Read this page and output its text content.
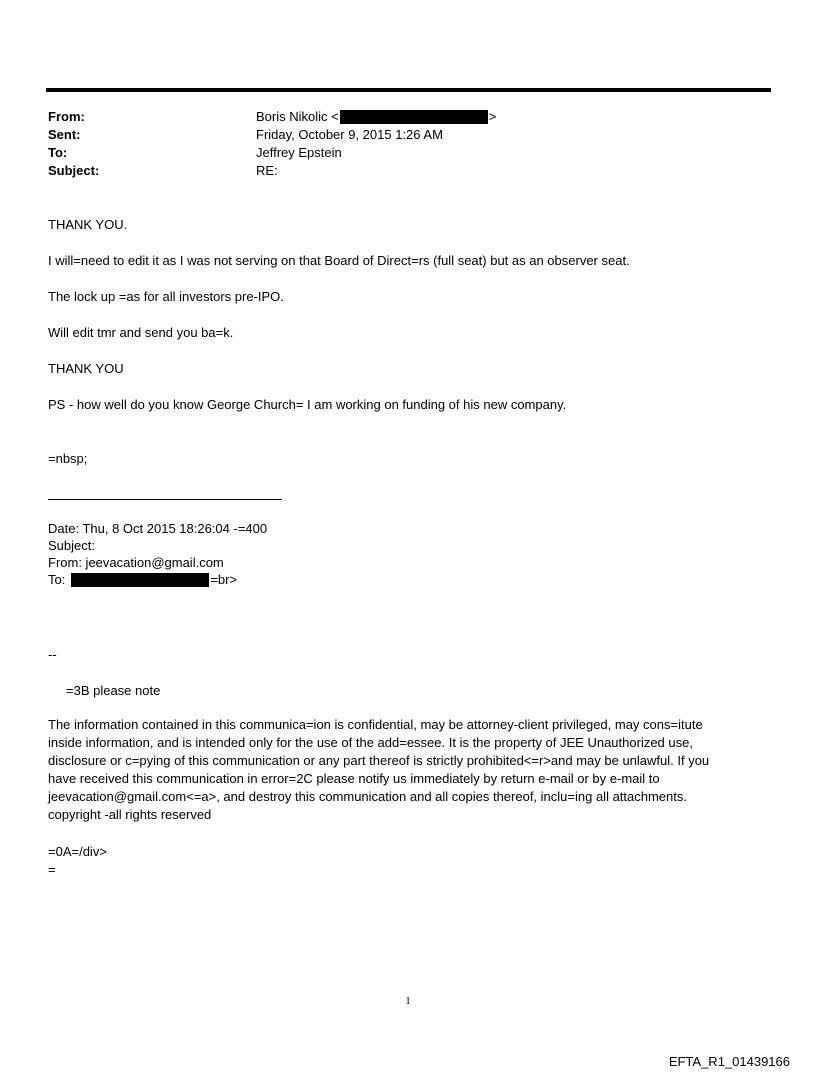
From:	Boris Nikolic <	>
Sent:	Friday, October 9, 2015 1:26 AM
To:	Jeffrey Epstein
Subject:	RE:
THANK YOU.
I will=need to edit it as I was not serving on that Board of Direct=rs (full seat) but as an observer seat.
The lock up =as for all investors pre-IPO.
Will edit tmr and send you ba=k.
THANK YOU
PS - how well do you know George Church= I am working on funding of his new company.
=nbsp;
Date: Thu, 8 Oct 2015 18:26:04 -=400
Subject:
From: jeevacation@gmail.com
To:	=br>
--
=3B please note
The information contained in this communica=ion is confidential, may be attorney-client privileged, may cons=itute
inside information, and is intended only for the use of the add=essee. It is the property of JEE Unauthorized use,
disclosure or c=pying of this communication or any part thereof is strictly prohibited<=r>and may be unlawful. If you
have received this communication in error=2C please notify us immediately by return e-mail or by e-mail to
jeevacation@gmail.com<=a>, and destroy this communication and all copies thereof, inclu=ing all attachments.
copyright -all rights reserved
=0A=/div>
=
1
EFTA_R1_01439166
